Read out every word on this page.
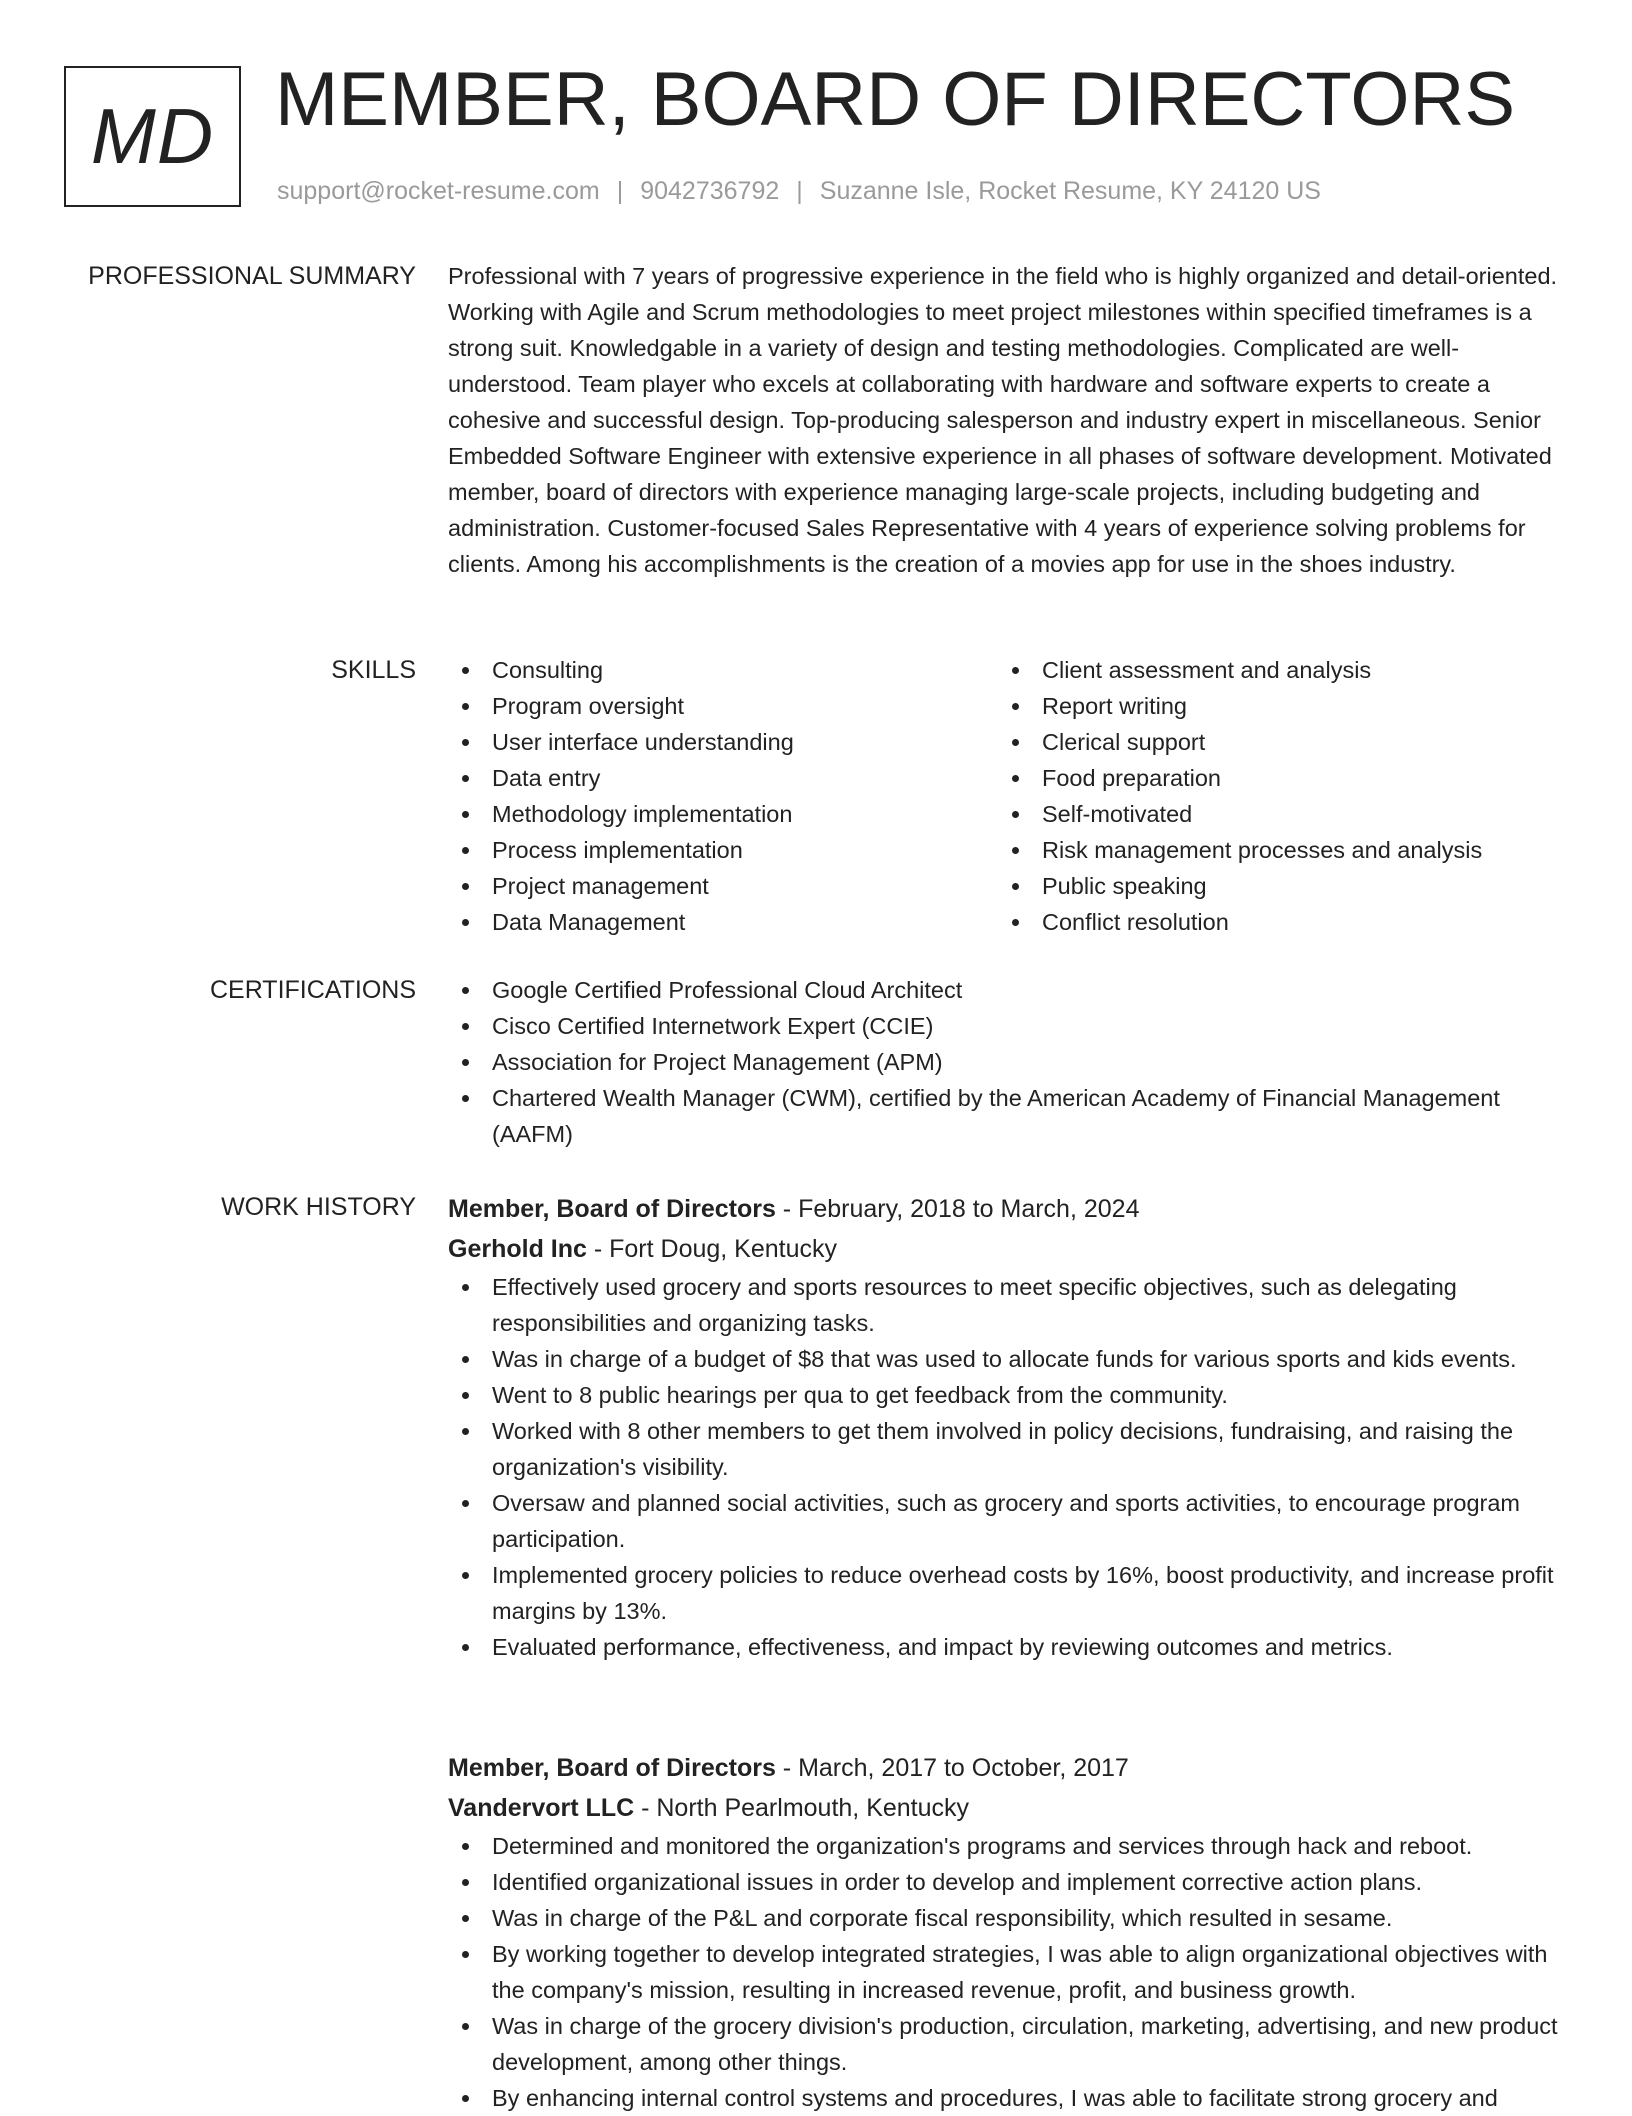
MD MEMBER, BOARD OF DIRECTORS
support@rocket-resume.com | 9042736792 | Suzanne Isle, Rocket Resume, KY 24120 US
PROFESSIONAL SUMMARY Professional with 7 years of progressive experience in the field who is highly organized and detail-oriented. Working with Agile and Scrum methodologies to meet project milestones within specified timeframes is a strong suit. Knowledgable in a variety of design and testing methodologies. Complicated are well-understood. Team player who excels at collaborating with hardware and software experts to create a cohesive and successful design. Top-producing salesperson and industry expert in miscellaneous. Senior Embedded Software Engineer with extensive experience in all phases of software development. Motivated member, board of directors with experience managing large-scale projects, including budgeting and administration. Customer-focused Sales Representative with 4 years of experience solving problems for clients. Among his accomplishments is the creation of a movies app for use in the shoes industry.

SKILLS	Consulting
Program oversight
User interface understanding
Data entry
Methodology implementation
Process implementation
Project management
Data Management
Client assessment and analysis
Report writing
Clerical support
Food preparation
Self-motivated
Risk management processes and analysis
Public speaking
Conflict resolution
CERTIFICATIONS	Google Certified Professional Cloud Architect
Cisco Certified Internetwork Expert (CCIE)
Association for Project Management (APM)
Chartered Wealth Manager (CWM), certified by the American Academy of Financial Management (AAFM)
WORK HISTORY Member, Board of Directors - February, 2018 to March, 2024
Gerhold Inc - Fort Doug, Kentucky
Effectively used grocery and sports resources to meet specific objectives, such as delegating responsibilities and organizing tasks.
Was in charge of a budget of $8 that was used to allocate funds for various sports and kids events.
Went to 8 public hearings per qua to get feedback from the community.
Worked with 8 other members to get them involved in policy decisions, fundraising, and raising the organization's visibility.
Oversaw and planned social activities, such as grocery and sports activities, to encourage program participation.
Implemented grocery policies to reduce overhead costs by 16%, boost productivity, and increase profit margins by 13%.
Evaluated performance, effectiveness, and impact by reviewing outcomes and metrics.
Member, Board of Directors - March, 2017 to October, 2017
Vandervort LLC - North Pearlmouth, Kentucky
Determined and monitored the organization's programs and services through hack and reboot.
Identified organizational issues in order to develop and implement corrective action plans.
Was in charge of the P&L and corporate fiscal responsibility, which resulted in sesame.
By working together to develop integrated strategies, I was able to align organizational objectives with the company's mission, resulting in increased revenue, profit, and business growth.
Was in charge of the grocery division's production, circulation, marketing, advertising, and new product development, among other things.
By enhancing internal control systems and procedures, I was able to facilitate strong grocery and
